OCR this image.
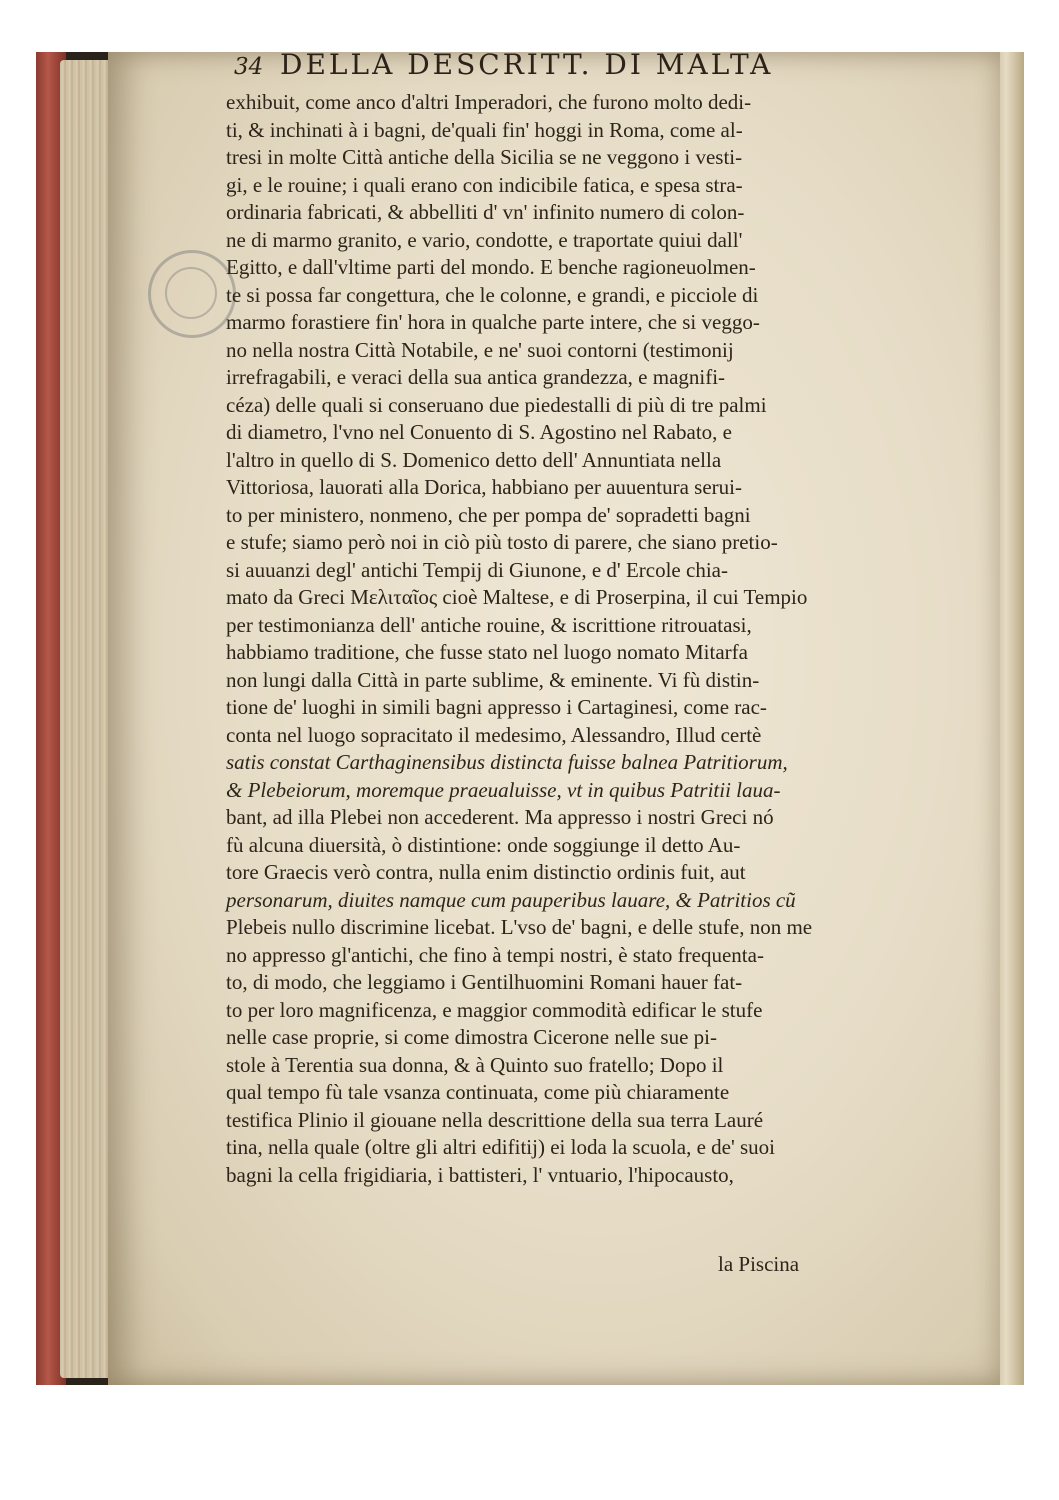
34 DELLA DESCRITT. DI MALTA
exhibuit, come anco d'altri Imperadori, che furono molto dedi-
ti, & inchinati à i bagni, de'quali fin' hoggi in Roma, come al-
tresi in molte Città antiche della Sicilia se ne veggono i vesti-
gi, e le rouine; i quali erano con indicibile fatica, e spesa stra-
ordinaria fabricati, & abbelliti d' vn' infinito numero di colon-
ne di marmo granito, e vario, condotte, e traportate quiui dall'
Egitto, e dall'vltime parti del mondo. E benche ragioneuolmen-
te si possa far congettura, che le colonne, e grandi, e picciole di
marmo forastiere fin' hora in qualche parte intere, che si veggo-
no nella nostra Città Notabile, e ne' suoi contorni (testimonij
irrefragabili, e veraci della sua antica grandezza, e magnifi-
céza) delle quali si conseruano due piedestalli di più di tre palmi
di diametro, l'vno nel Conuento di S. Agostino nel Rabato, e
l'altro in quello di S. Domenico detto dell' Annuntiata nella
Vittoriosa, lauorati alla Dorica, habbiano per auuentura serui-
to per ministero, nonmeno, che per pompa de' sopradetti bagni
e stufe; siamo però noi in ciò più tosto di parere, che siano pretio-
si auuanzi degl' antichi Tempij di Giunone, e d' Ercole chia-
mato da Greci Μελιταῖος cioè Maltese, e di Proserpina, il cui Tempio
per testimonianza dell' antiche rouine, & iscrittione ritrouatasi,
habbiamo traditione, che fusse stato nel luogo nomato Mitarfa
non lungi dalla Città in parte sublime, & eminente. Vi fù distin-
tione de' luoghi in simili bagni appresso i Cartaginesi, come rac-
conta nel luogo sopracitato il medesimo, Alessandro, Illud certè
satis constat Carthaginensibus distincta fuisse balnea Patritiorum,
& Plebeiorum, moremque praeualuisse, vt in quibus Patritii laua-
bant, ad illa Plebei non accederent. Ma appresso i nostri Greci nó
fù alcuna diuersità, ò distintione: onde soggiunge il detto Au-
tore Graecis verò contra, nulla enim distinctio ordinis fuit, aut
personarum, diuites namque cum pauperibus lauare, & Patritios cũ
Plebeis nullo discrimine licebat. L'vso de' bagni, e delle stufe, non me
no appresso gl'antichi, che fino à tempi nostri, è stato frequenta-
to, di modo, che leggiamo i Gentilhuomini Romani hauer fat-
to per loro magnificenza, e maggior commodità edificar le stufe
nelle case proprie, si come dimostra Cicerone nelle sue pi-
stole à Terentia sua donna, & à Quinto suo fratello; Dopo il
qual tempo fù tale vsanza continuata, come più chiaramente
testifica Plinio il giouane nella descrittione della sua terra Lauré
tina, nella quale (oltre gli altri edifitij) ei loda la scuola, e de' suoi
bagni la cella frigidiaria, i battisteri, l' vntuario, l'hipocausto,
la Piscina
